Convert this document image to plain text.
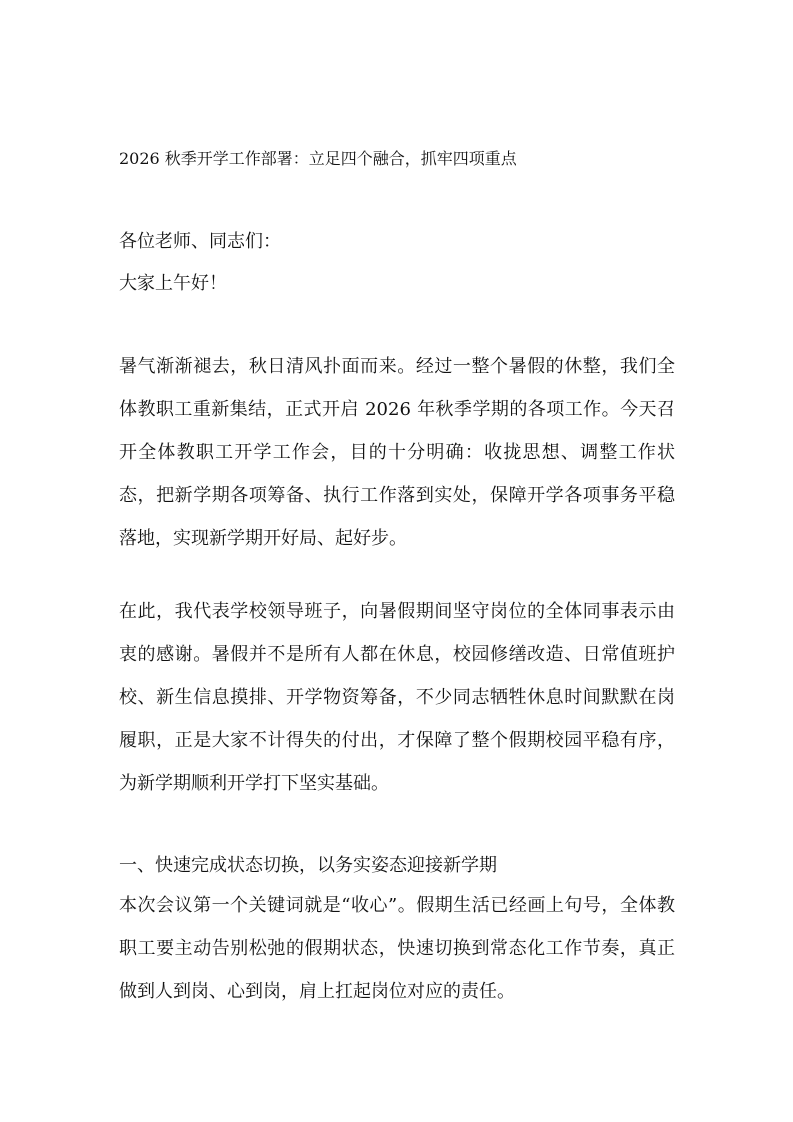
2026 秋季开学工作部署：立足四个融合，抓牢四项重点
各位老师、同志们：
大家上午好！
暑气渐渐褪去，秋日清风扑面而来。经过一整个暑假的休整，我们全体教职工重新集结，正式开启 2026 年秋季学期的各项工作。今天召开全体教职工开学工作会，目的十分明确：收拢思想、调整工作状态，把新学期各项筹备、执行工作落到实处，保障开学各项事务平稳落地，实现新学期开好局、起好步。
在此，我代表学校领导班子，向暑假期间坚守岗位的全体同事表示由衷的感谢。暑假并不是所有人都在休息，校园修缮改造、日常值班护校、新生信息摸排、开学物资筹备，不少同志牺牲休息时间默默在岗履职，正是大家不计得失的付出，才保障了整个假期校园平稳有序，为新学期顺利开学打下坚实基础。
一、快速完成状态切换，以务实姿态迎接新学期
本次会议第一个关键词就是“收心”。假期生活已经画上句号，全体教职工要主动告别松弛的假期状态，快速切换到常态化工作节奏，真正做到人到岗、心到岗，肩上扛起岗位对应的责任。
